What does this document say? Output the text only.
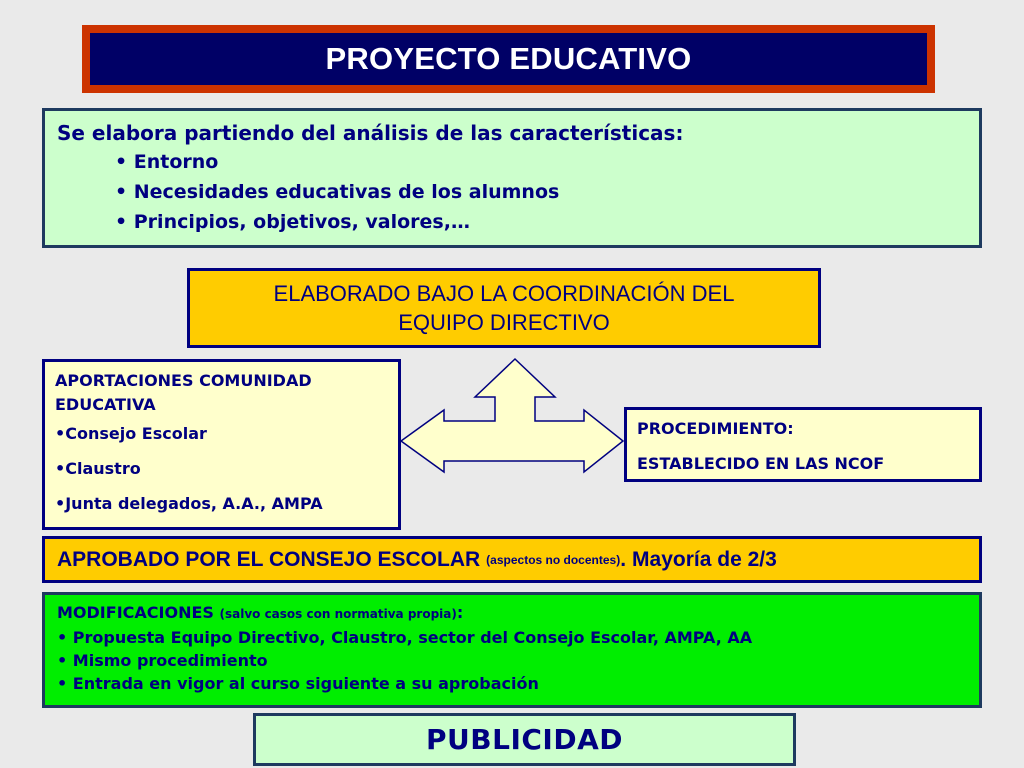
PROYECTO EDUCATIVO
Se elabora partiendo del análisis de las características:
• Entorno
• Necesidades educativas de los alumnos
• Principios, objetivos, valores,…
ELABORADO BAJO LA COORDINACIÓN DEL
EQUIPO DIRECTIVO
APORTACIONES COMUNIDAD
EDUCATIVA
•Consejo Escolar
•Claustro
•Junta delegados, A.A., AMPA
PROCEDIMIENTO:
ESTABLECIDO EN LAS NCOF
APROBADO POR EL CONSEJO ESCOLAR (aspectos no docentes) . Mayoría de 2/3
MODIFICACIONES (salvo casos con normativa propia):
• Propuesta Equipo Directivo, Claustro, sector del Consejo Escolar, AMPA, AA
• Mismo procedimiento
• Entrada en vigor al curso siguiente a su aprobación
PUBLICIDAD
